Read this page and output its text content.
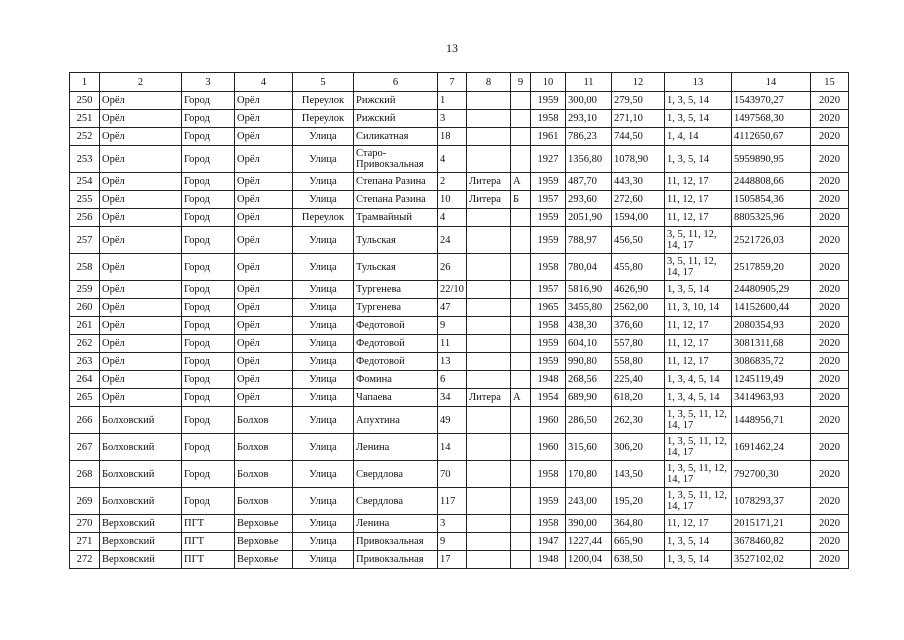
13
1	2	3	4	5	6	7	8	9	10	11	12	13	14	15
250	Орёл	Город	Орёл	Переулок	Рижский	1			1959	300,00	279,50	1, 3, 5, 14	1543970,27	2020
251	Орёл	Город	Орёл	Переулок	Рижский	3			1958	293,10	271,10	1, 3, 5, 14	1497568,30	2020
252	Орёл	Город	Орёл	Улица	Силикатная	18			1961	786,23	744,50	1, 4, 14	4112650,67	2020
253	Орёл	Город	Орёл	Улица	Старо-Привокзальная	4			1927	1356,80	1078,90	1, 3, 5, 14	5959890,95	2020
254	Орёл	Город	Орёл	Улица	Степана Разина	2	Литера	А	1959	487,70	443,30	11, 12, 17	2448808,66	2020
255	Орёл	Город	Орёл	Улица	Степана Разина	10	Литера	Б	1957	293,60	272,60	11, 12, 17	1505854,36	2020
256	Орёл	Город	Орёл	Переулок	Трамвайный	4			1959	2051,90	1594,00	11, 12, 17	8805325,96	2020
257	Орёл	Город	Орёл	Улица	Тульская	24			1959	788,97	456,50	3, 5, 11, 12, 14, 17	2521726,03	2020
258	Орёл	Город	Орёл	Улица	Тульская	26			1958	780,04	455,80	3, 5, 11, 12, 14, 17	2517859,20	2020
259	Орёл	Город	Орёл	Улица	Тургенева	22/10			1957	5816,90	4626,90	1, 3, 5, 14	24480905,29	2020
260	Орёл	Город	Орёл	Улица	Тургенева	47			1965	3455,80	2562,00	11, 3, 10, 14	14152600,44	2020
261	Орёл	Город	Орёл	Улица	Федотовой	9			1958	438,30	376,60	11, 12, 17	2080354,93	2020
262	Орёл	Город	Орёл	Улица	Федотовой	11			1959	604,10	557,80	11, 12, 17	3081311,68	2020
263	Орёл	Город	Орёл	Улица	Федотовой	13			1959	990,80	558,80	11, 12, 17	3086835,72	2020
264	Орёл	Город	Орёл	Улица	Фомина	6			1948	268,56	225,40	1, 3, 4, 5, 14	1245119,49	2020
265	Орёл	Город	Орёл	Улица	Чапаева	34	Литера	А	1954	689,90	618,20	1, 3, 4, 5, 14	3414963,93	2020
266	Болховский	Город	Болхов	Улица	Апухтина	49			1960	286,50	262,30	1, 3, 5, 11, 12, 14, 17	1448956,71	2020
267	Болховский	Город	Болхов	Улица	Ленина	14			1960	315,60	306,20	1, 3, 5, 11, 12, 14, 17	1691462,24	2020
268	Болховский	Город	Болхов	Улица	Свердлова	70			1958	170,80	143,50	1, 3, 5, 11, 12, 14, 17	792700,30	2020
269	Болховский	Город	Болхов	Улица	Свердлова	117			1959	243,00	195,20	1, 3, 5, 11, 12, 14, 17	1078293,37	2020
270	Верховский	ПГТ	Верховье	Улица	Ленина	3			1958	390,00	364,80	11, 12, 17	2015171,21	2020
271	Верховский	ПГТ	Верховье	Улица	Привокзальная	9			1947	1227,44	665,90	1, 3, 5, 14	3678460,82	2020
272	Верховский	ПГТ	Верховье	Улица	Привокзальная	17			1948	1200,04	638,50	1, 3, 5, 14	3527102,02	2020
